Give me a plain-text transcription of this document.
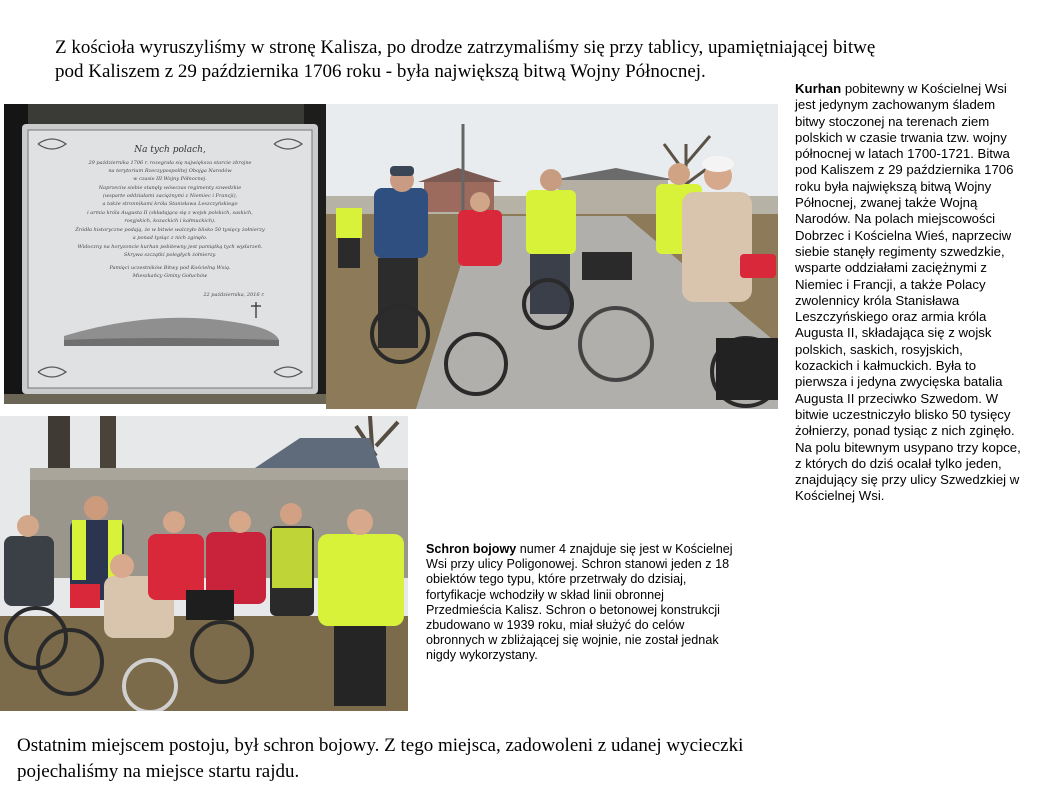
Z kościoła wyruszyliśmy w stronę Kalisza, po drodze zatrzymaliśmy się przy tablicy, upamiętniającej bitwę
pod Kaliszem z 29 października 1706 roku - była największą bitwą Wojny Północnej.
Na tych polach,
29 października 1706 r. rozegrała się największa starcie zbrojne
na terytorium Rzeczypospolitej Obojga Narodów
w czasie III Wojny Północnej.
Naprzeciw siebie stanęły wówczas regimenty szwedzkie
(wsparte oddziałami zaciężnymi z Niemiec i Francji),
a także stronnikami króla Stanisława Leszczyńskiego
i armia króla Augusta II (składająca się z wojsk polskich, saskich,
rosyjskich, kozackich i kałmuckich).
Źródła historyczne podają, że w bitwie walczyło blisko 50 tysięcy żołnierzy
a ponad tysiąc z nich zginęło.
Widoczny na horyzoncie kurhan pobitewny jest pamiątką tych wydarzeń.
Skrywa szczątki poległych żołnierzy.
Pamięci uczestników Bitwy pod Kościelną Wsią.
Mieszkańcy Gminy Gołuchów
22 października, 2016 r.
Kurhan pobitewny w Kościelnej Wsi jest jedynym zachowanym śladem bitwy stoczonej na terenach ziem polskich w czasie trwania tzw. wojny północnej w latach 1700-1721. Bitwa pod Kaliszem z 29 października 1706 roku była największą bitwą Wojny Północnej, zwanej także Wojną Narodów. Na polach miejscowości Dobrzec i Kościelna Wieś, naprzeciw siebie stanęły regimenty szwedzkie, wsparte oddziałami zaciężnymi z Niemiec i Francji, a także Polacy zwolennicy króla Stanisława Leszczyńskiego oraz armia króla Augusta II, składająca się z wojsk polskich, saskich, rosyjskich, kozackich i kałmuckich. Była to pierwsza i jedyna zwycięska batalia Augusta II przeciwko Szwedom. W bitwie uczestniczyło blisko 50 tysięcy żołnierzy, ponad tysiąc z nich zginęło. Na polu bitewnym usypano trzy kopce, z których do dziś ocalał tylko jeden, znajdujący się przy ulicy Szwedzkiej w Kościelnej Wsi.
Schron bojowy numer 4 znajduje się jest w Kościelnej Wsi przy ulicy Poligonowej. Schron stanowi jeden z 18 obiektów tego typu, które przetrwały do dzisiaj, fortyfikacje wchodziły w skład linii obronnej Przedmieścia Kalisz. Schron o betonowej konstrukcji zbudowano w 1939 roku, miał służyć do celów obronnych w zbliżającej się wojnie, nie został jednak nigdy wykorzystany.
Ostatnim miejscem postoju, był schron bojowy. Z tego miejsca, zadowoleni z udanej wycieczki
pojechaliśmy na miejsce startu rajdu.
